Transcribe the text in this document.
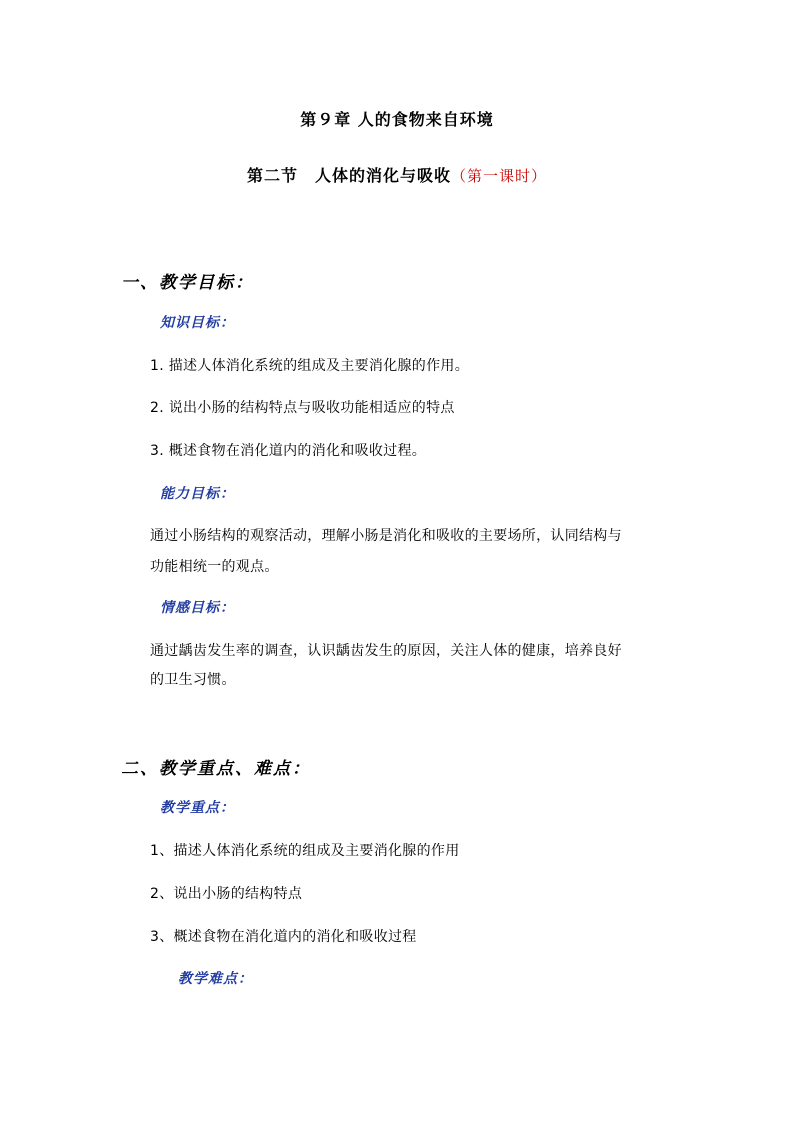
第９章 人的食物来自环境
第二节　人体的消化与吸收（第一课时）
一、教学目标：
知识目标：
1. 描述人体消化系统的组成及主要消化腺的作用。
2. 说出小肠的结构特点与吸收功能相适应的特点
3. 概述食物在消化道内的消化和吸收过程。
能力目标：
通过小肠结构的观察活动，理解小肠是消化和吸收的主要场所，认同结构与
功能相统一的观点。
情感目标：
通过龋齿发生率的调查，认识龋齿发生的原因，关注人体的健康，培养良好
的卫生习惯。
二、教学重点、难点：
教学重点：
1、描述人体消化系统的组成及主要消化腺的作用
2、说出小肠的结构特点
3、概述食物在消化道内的消化和吸收过程
教学难点：
